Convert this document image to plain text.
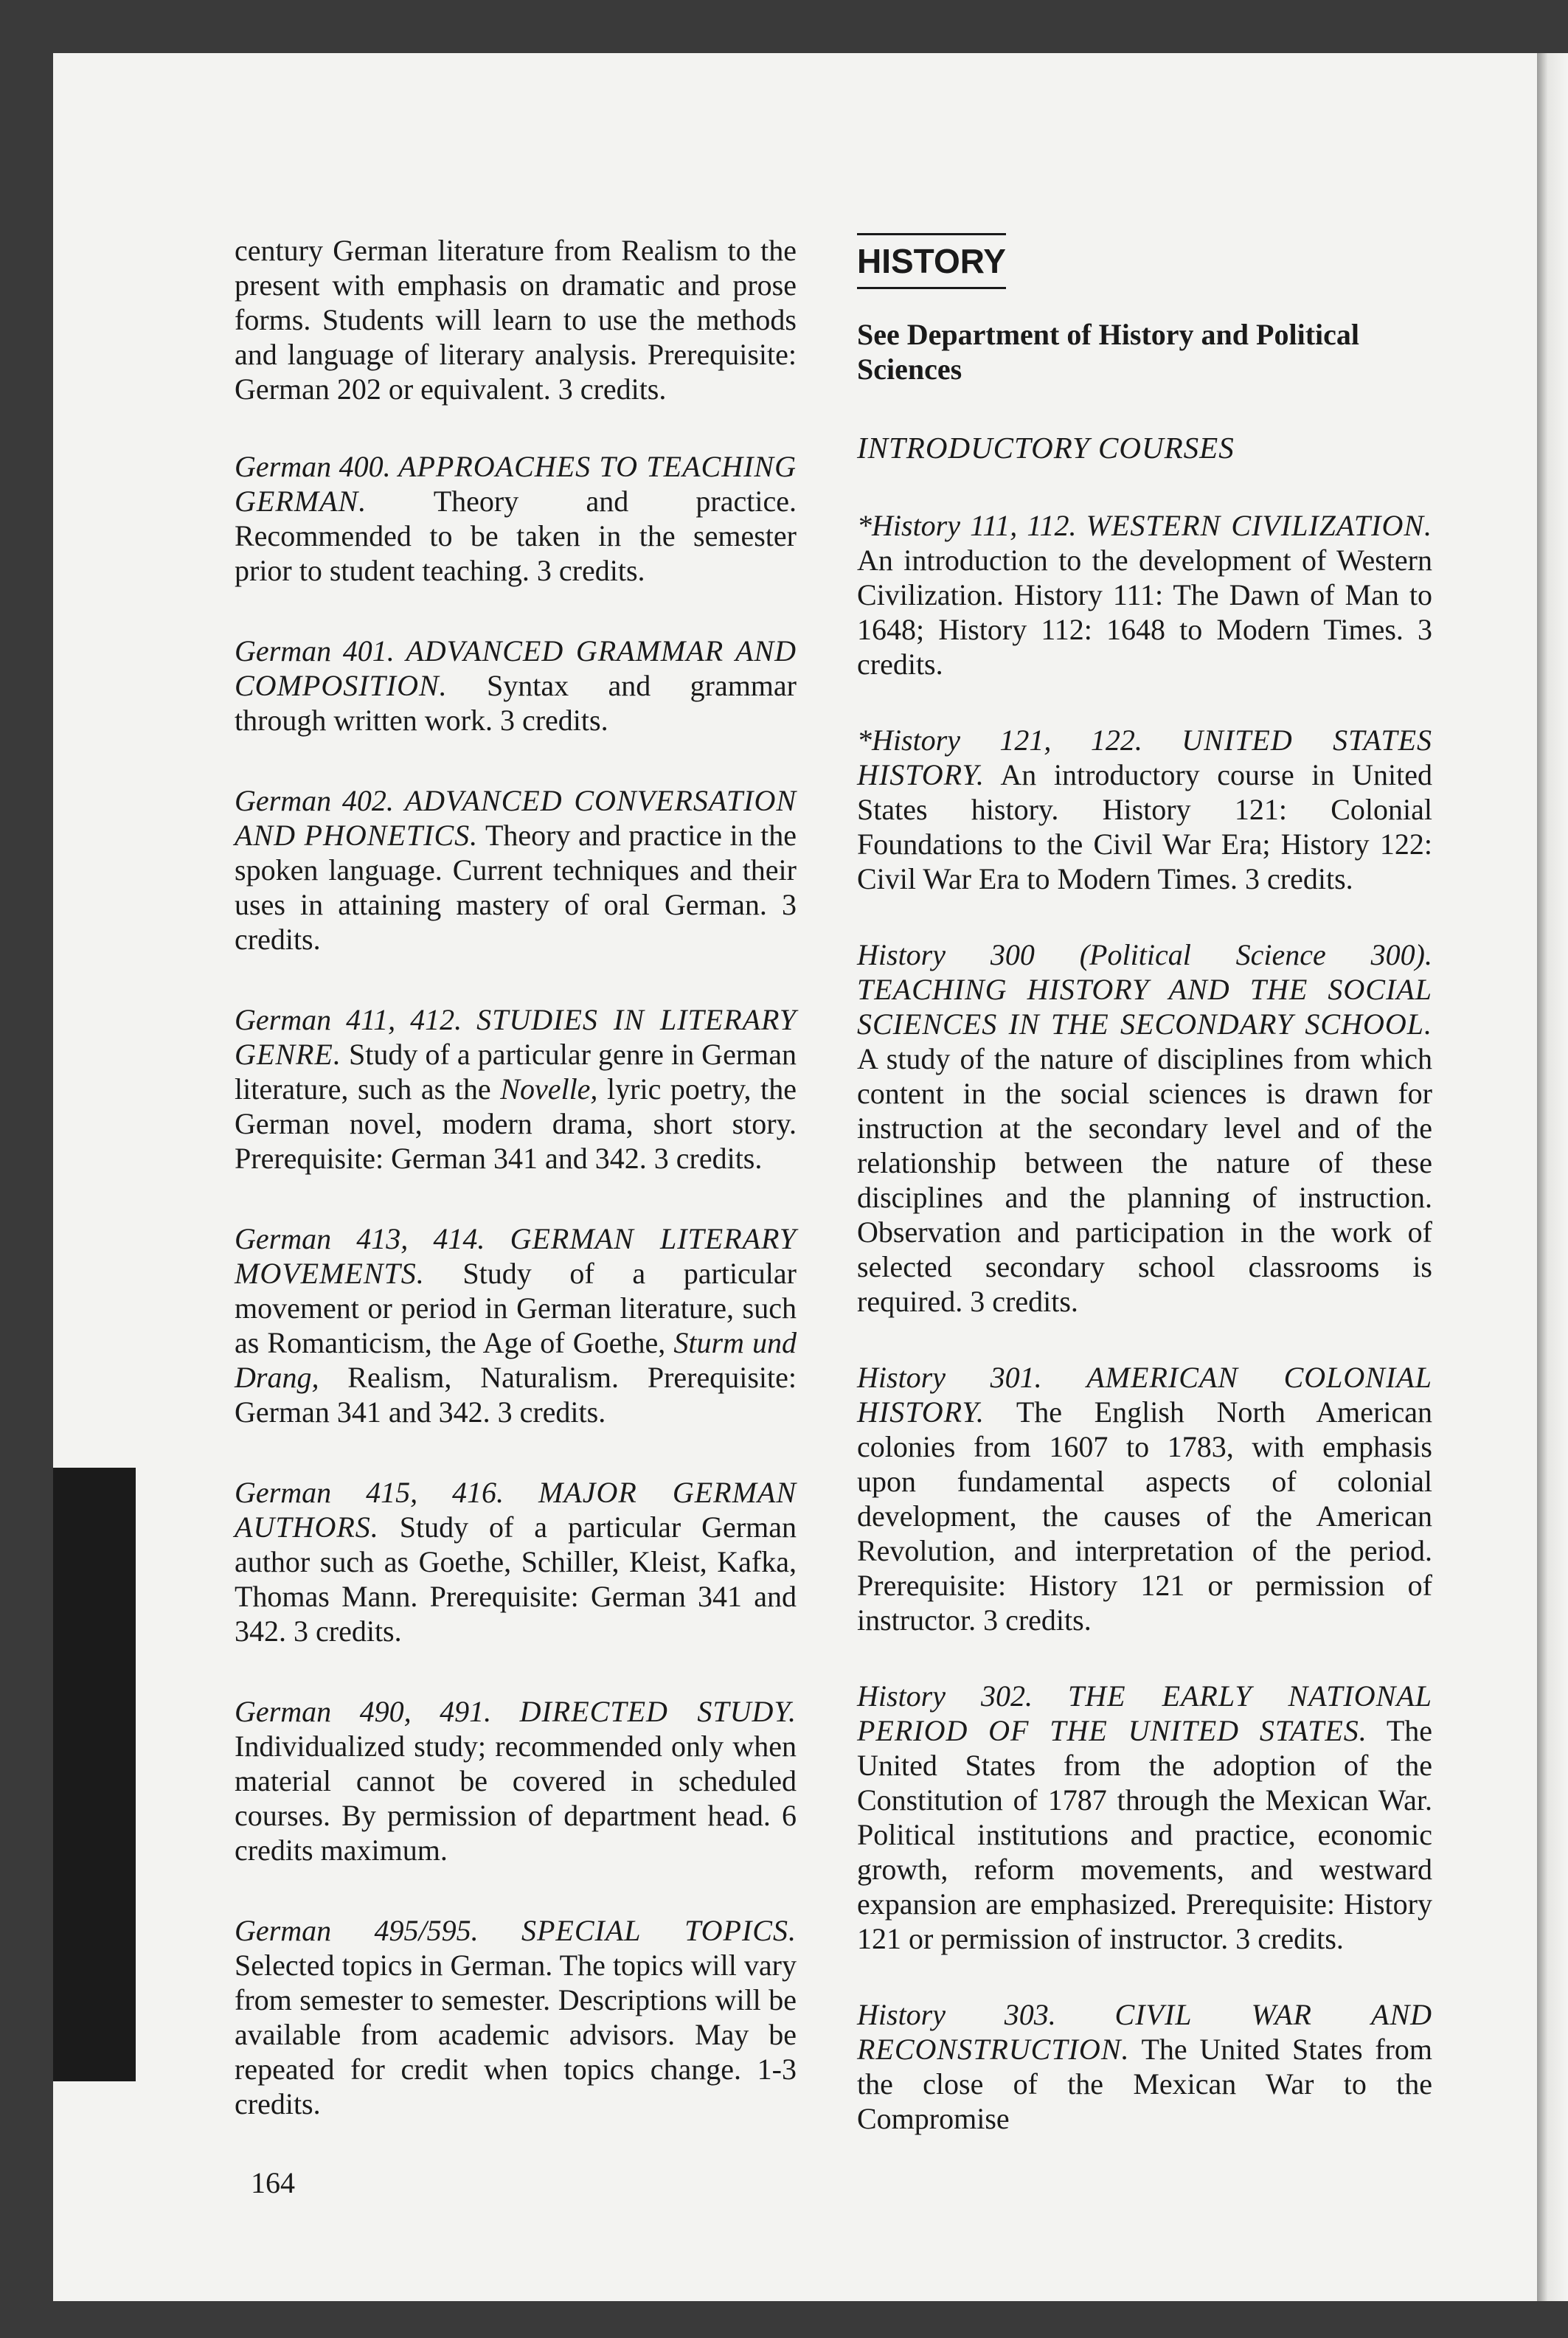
century German literature from Realism to the present with emphasis on dramatic and prose forms. Students will learn to use the methods and language of literary analysis. Prerequisite: German 202 or equivalent. 3 credits.

German 400. APPROACHES TO TEACHING GERMAN. Theory and practice. Recommended to be taken in the semester prior to student teaching. 3 credits.

German 401. ADVANCED GRAMMAR AND COMPOSITION. Syntax and grammar through written work. 3 credits.

German 402. ADVANCED CONVERSATION AND PHONETICS. Theory and practice in the spoken language. Current techniques and their uses in attaining mastery of oral German. 3 credits.

German 411, 412. STUDIES IN LITERARY GENRE. Study of a particular genre in German literature, such as the Novelle, lyric poetry, the German novel, modern drama, short story. Prerequisite: German 341 and 342. 3 credits.

German 413, 414. GERMAN LITERARY MOVEMENTS. Study of a particular movement or period in German literature, such as Romanticism, the Age of Goethe, Sturm und Drang, Realism, Naturalism. Prerequisite: German 341 and 342. 3 credits.

German 415, 416. MAJOR GERMAN AUTHORS. Study of a particular German author such as Goethe, Schiller, Kleist, Kafka, Thomas Mann. Prerequisite: German 341 and 342. 3 credits.

German 490, 491. DIRECTED STUDY. Individualized study; recommended only when material cannot be covered in scheduled courses. By permission of department head. 6 credits maximum.

German 495/595. SPECIAL TOPICS. Selected topics in German. The topics will vary from semester to semester. Descriptions will be available from academic advisors. May be repeated for credit when topics change. 1-3 credits.

HISTORY
See Department of History and Political Sciences
INTRODUCTORY COURSES

*History 111, 112. WESTERN CIVILIZATION. An introduction to the development of Western Civilization. History 111: The Dawn of Man to 1648; History 112: 1648 to Modern Times. 3 credits.

*History 121, 122. UNITED STATES HISTORY. An introductory course in United States history. History 121: Colonial Foundations to the Civil War Era; History 122: Civil War Era to Modern Times. 3 credits.

History 300 (Political Science 300). TEACHING HISTORY AND THE SOCIAL SCIENCES IN THE SECONDARY SCHOOL. A study of the nature of disciplines from which content in the social sciences is drawn for instruction at the secondary level and of the relationship between the nature of these disciplines and the planning of instruction. Observation and participation in the work of selected secondary school classrooms is required. 3 credits.

History 301. AMERICAN COLONIAL HISTORY. The English North American colonies from 1607 to 1783, with emphasis upon fundamental aspects of colonial development, the causes of the American Revolution, and interpretation of the period. Prerequisite: History 121 or permission of instructor. 3 credits.

History 302. THE EARLY NATIONAL PERIOD OF THE UNITED STATES. The United States from the adoption of the Constitution of 1787 through the Mexican War. Political institutions and practice, economic growth, reform movements, and westward expansion are emphasized. Prerequisite: History 121 or permission of instructor. 3 credits.

History 303. CIVIL WAR AND RECONSTRUCTION. The United States from the close of the Mexican War to the Compromise

164
